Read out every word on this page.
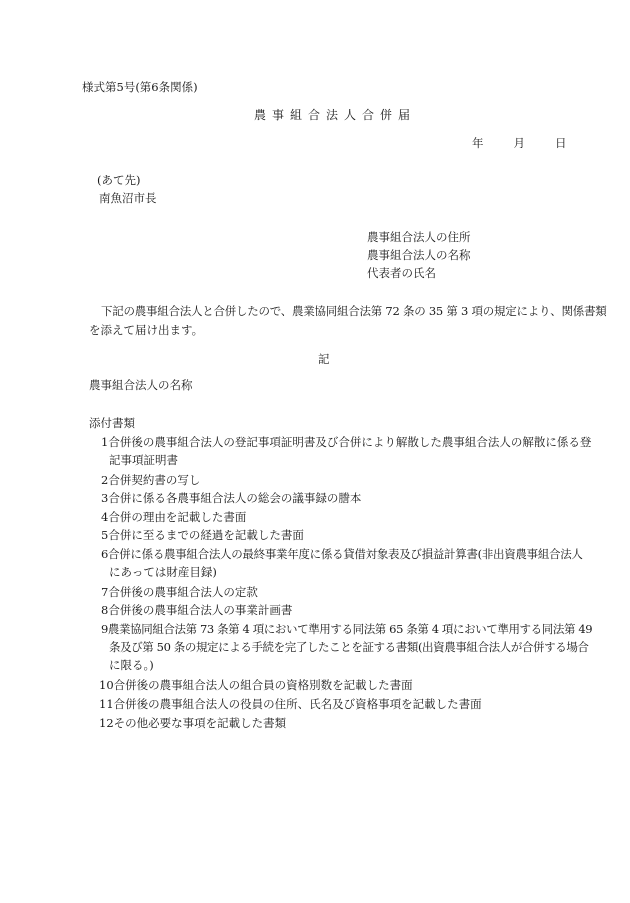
様式第5号(第6条関係)
農事組合法人合併届
年	月	日
(あて先)
南魚沼市長
農事組合法人の住所
農事組合法人の名称
代表者の氏名
下記の農事組合法人と合併したので、農業協同組合法第 72 条の 35 第 3 項の規定により、関係書類
を添えて届け出ます。
記
農事組合法人の名称
添付書類
1合併後の農事組合法人の登記事項証明書及び合併により解散した農事組合法人の解散に係る登
記事項証明書
2合併契約書の写し
3合併に係る各農事組合法人の総会の議事録の謄本
4合併の理由を記載した書面
5合併に至るまでの経過を記載した書面
6合併に係る農事組合法人の最終事業年度に係る貸借対象表及び損益計算書(非出資農事組合法人
にあっては財産目録)
7合併後の農事組合法人の定款
8合併後の農事組合法人の事業計画書
9農業協同組合法第 73 条第 4 項において準用する同法第 65 条第 4 項において準用する同法第 49
条及び第 50 条の規定による手続を完了したことを証する書類(出資農事組合法人が合併する場合
に限る。)
10合併後の農事組合法人の組合員の資格別数を記載した書面
11合併後の農事組合法人の役員の住所、氏名及び資格事項を記載した書面
12その他必要な事項を記載した書類
